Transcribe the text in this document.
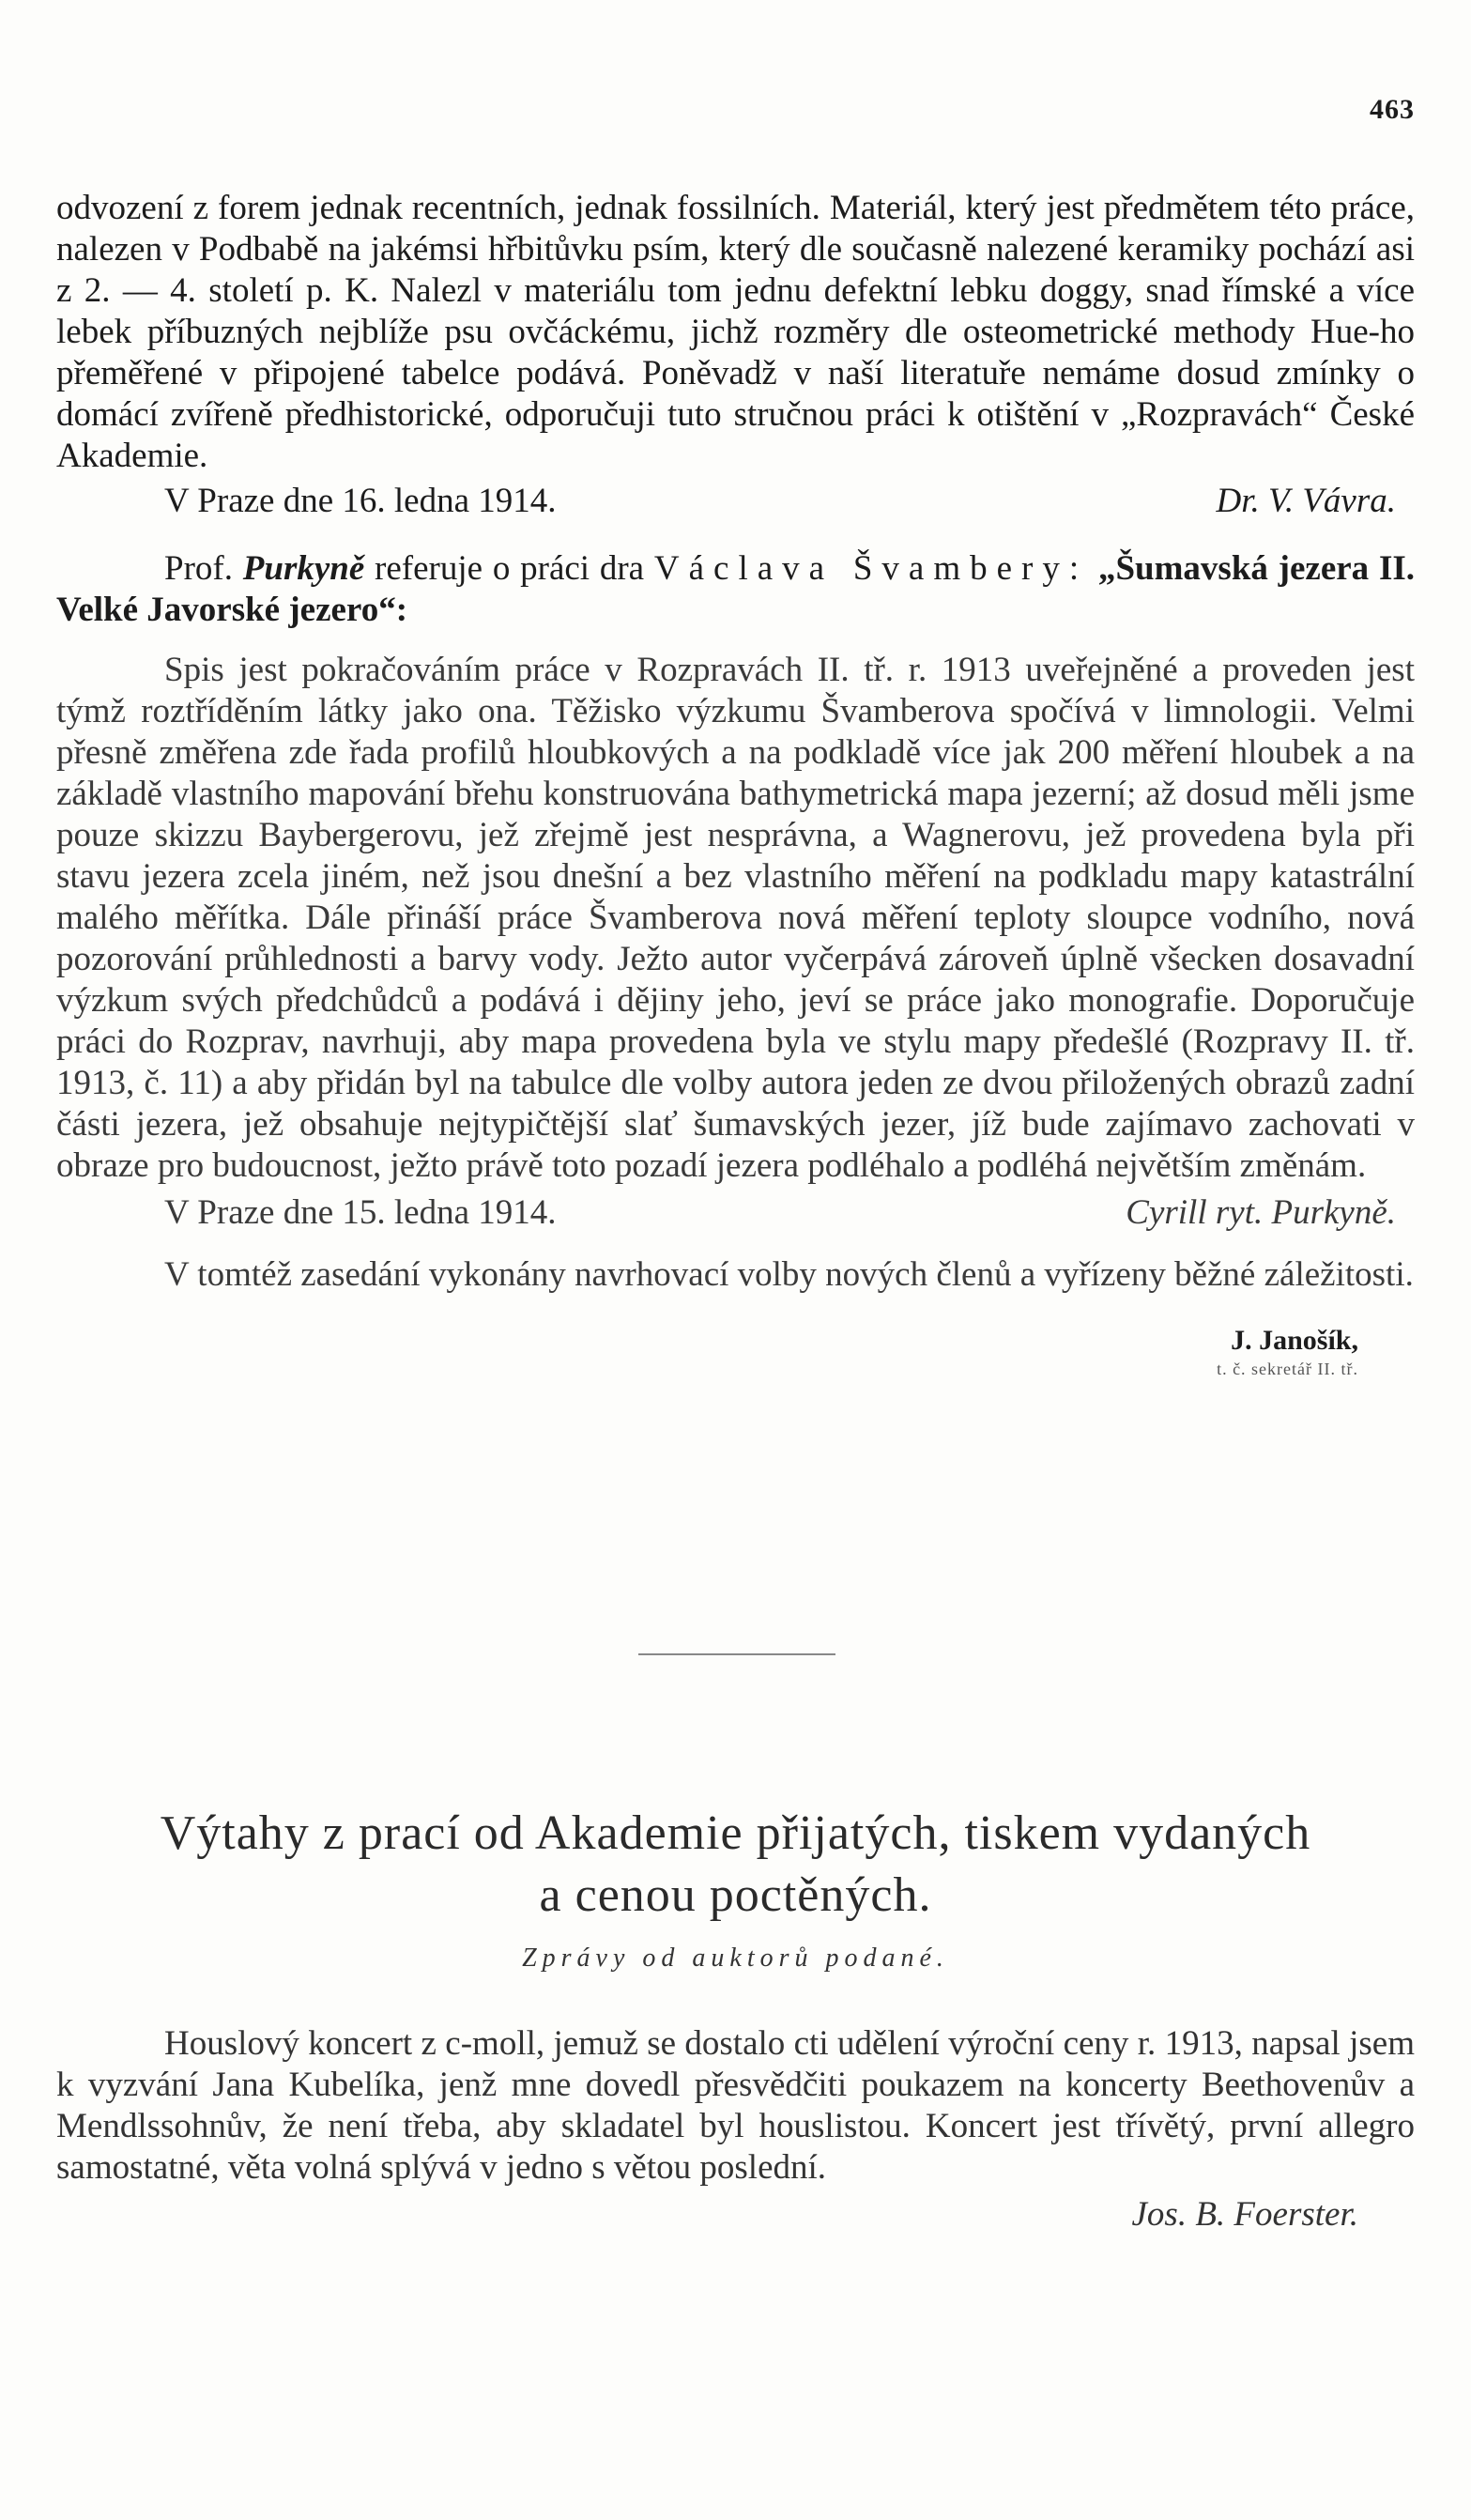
463

odvození z forem jednak recentních, jednak fossilních. Materiál, který jest předmětem této práce, nalezen v Podbabě na jakémsi hřbitůvku psím, který dle současně nalezené keramiky pochází asi z 2. — 4. století p. K. Nalezl v materiálu tom jednu defektní lebku doggy, snad římské a více lebek příbuzných nejblíže psu ovčáckému, jichž rozměry dle osteometrické methody Hue-ho přeměřené v připojené tabelce podává. Poněvadž v naší literatuře nemáme dosud zmínky o domácí zvířeně předhistorické, odporučuji tuto stručnou práci k otištění v „Rozpravách“ České Akademie.

V Praze dne 16. ledna 1914.	Dr. V. Vávra.

Prof. Purkyně referuje o práci dra Václava Švambery: „Šumavská jezera II. Velké Javorské jezero“:

Spis jest pokračováním práce v Rozpravách II. tř. r. 1913 uveřejněné a proveden jest týmž roztříděním látky jako ona. Těžisko výzkumu Švamberova spočívá v limnologii. Velmi přesně změřena zde řada profilů hloubkových a na podkladě více jak 200 měření hloubek a na základě vlastního mapování břehu konstruována bathymetrická mapa jezerní; až dosud měli jsme pouze skizzu Baybergerovu, jež zřejmě jest nesprávna, a Wagnerovu, jež provedena byla při stavu jezera zcela jiném, než jsou dnešní a bez vlastního měření na podkladu mapy katastrální malého měřítka. Dále přináší práce Švamberova nová měření teploty sloupce vodního, nová pozorování průhlednosti a barvy vody. Ježto autor vyčerpává zároveň úplně všecken dosavadní výzkum svých předchůdců a podává i dějiny jeho, jeví se práce jako monografie. Doporučuje práci do Rozprav, navrhuji, aby mapa provedena byla ve stylu mapy předešlé (Rozpravy II. tř. 1913, č. 11) a aby přidán byl na tabulce dle volby autora jeden ze dvou přiložených obrazů zadní části jezera, jež obsahuje nejtypičtější slať šumavských jezer, jíž bude zajímavo zachovati v obraze pro budoucnost, ježto právě toto pozadí jezera podléhalo a podléhá největším změnám.

V Praze dne 15. ledna 1914.	Cyrill ryt. Purkyně.

V tomtéž zasedání vykonány navrhovací volby nových členů a vyřízeny běžné záležitosti.

J. Janošík,
t. č. sekretář II. tř.
Výtahy z prací od Akademie přijatých, tiskem vydaných
a cenou poctěných.
Zprávy od auktorů podané.

Houslový koncert z c-moll, jemuž se dostalo cti udělení výroční ceny r. 1913, napsal jsem k vyzvání Jana Kubelíka, jenž mne dovedl přesvědčiti poukazem na koncerty Beethovenův a Mendlssohnův, že není třeba, aby skladatel byl houslistou. Koncert jest třívětý, první allegro samostatné, věta volná splývá v jedno s větou poslední.

Jos. B. Foerster.
